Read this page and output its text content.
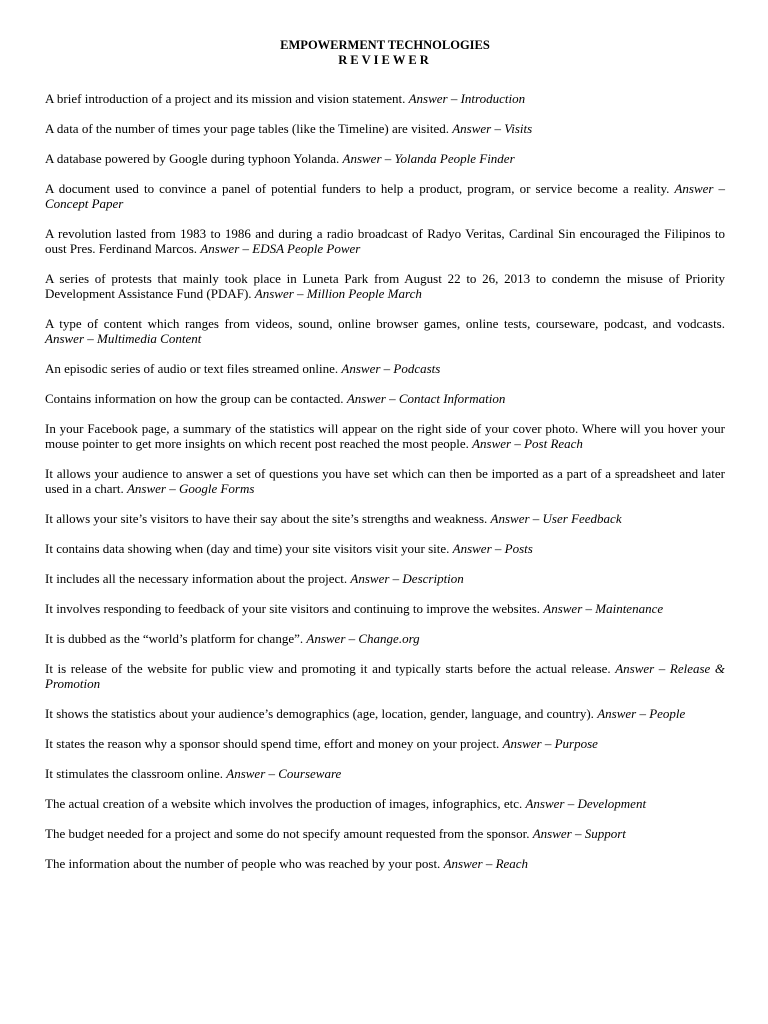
EMPOWERMENT TECHNOLOGIES
REVIEWER
A brief introduction of a project and its mission and vision statement. Answer – Introduction
A data of the number of times your page tables (like the Timeline) are visited. Answer – Visits
A database powered by Google during typhoon Yolanda. Answer – Yolanda People Finder
A document used to convince a panel of potential funders to help a product, program, or service become a reality. Answer – Concept Paper
A revolution lasted from 1983 to 1986 and during a radio broadcast of Radyo Veritas, Cardinal Sin encouraged the Filipinos to oust Pres. Ferdinand Marcos. Answer – EDSA People Power
A series of protests that mainly took place in Luneta Park from August 22 to 26, 2013 to condemn the misuse of Priority Development Assistance Fund (PDAF). Answer – Million People March
A type of content which ranges from videos, sound, online browser games, online tests, courseware, podcast, and vodcasts. Answer – Multimedia Content
An episodic series of audio or text files streamed online. Answer – Podcasts
Contains information on how the group can be contacted. Answer – Contact Information
In your Facebook page, a summary of the statistics will appear on the right side of your cover photo. Where will you hover your mouse pointer to get more insights on which recent post reached the most people. Answer – Post Reach
It allows your audience to answer a set of questions you have set which can then be imported as a part of a spreadsheet and later used in a chart. Answer – Google Forms
It allows your site’s visitors to have their say about the site’s strengths and weakness. Answer – User Feedback
It contains data showing when (day and time) your site visitors visit your site. Answer – Posts
It includes all the necessary information about the project. Answer – Description
It involves responding to feedback of your site visitors and continuing to improve the websites. Answer – Maintenance
It is dubbed as the “world’s platform for change”. Answer – Change.org
It is release of the website for public view and promoting it and typically starts before the actual release. Answer – Release & Promotion
It shows the statistics about your audience’s demographics (age, location, gender, language, and country). Answer – People
It states the reason why a sponsor should spend time, effort and money on your project. Answer – Purpose
It stimulates the classroom online. Answer – Courseware
The actual creation of a website which involves the production of images, infographics, etc. Answer – Development
The budget needed for a project and some do not specify amount requested from the sponsor. Answer – Support
The information about the number of people who was reached by your post. Answer – Reach
